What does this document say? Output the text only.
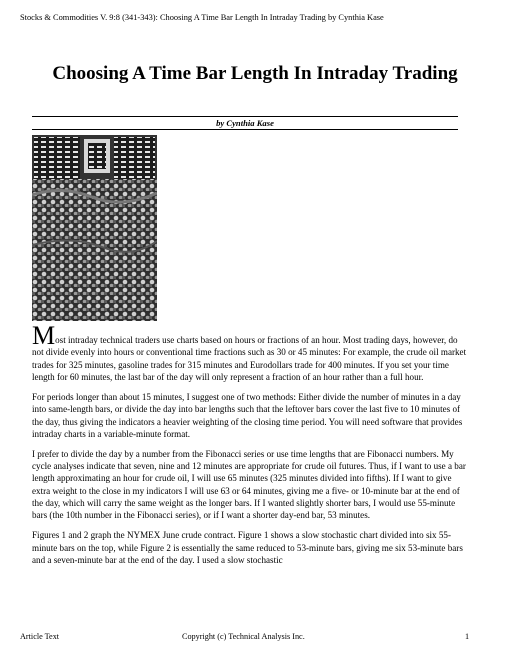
Stocks & Commodities V. 9:8 (341-343): Choosing A Time Bar Length In Intraday Trading by Cynthia Kase
Choosing A Time Bar Length In Intraday Trading
by Cynthia Kase

Most intraday technical traders use charts based on hours or fractions of an hour. Most trading days, however, do not divide evenly into hours or conventional time fractions such as 30 or 45 minutes: For example, the crude oil market trades for 325 minutes, gasoline trades for 315 minutes and Eurodollars trade for 400 minutes. If you set your time length for 60 minutes, the last bar of the day will only represent a fraction of an hour rather than a full hour.

For periods longer than about 15 minutes, I suggest one of two methods: Either divide the number of minutes in a day into same-length bars, or divide the day into bar lengths such that the leftover bars cover the last five to 10 minutes of the day, thus giving the indicators a heavier weighting of the closing time period. You will need software that provides intraday charts in a variable-minute format.

I prefer to divide the day by a number from the Fibonacci series or use time lengths that are Fibonacci numbers. My cycle analyses indicate that seven, nine and 12 minutes are appropriate for crude oil futures. Thus, if I want to use a bar length approximating an hour for crude oil, I will use 65 minutes (325 minutes divided into fifths). If I want to give extra weight to the close in my indicators I will use 63 or 64 minutes, giving me a five- or 10-minute bar at the end of the day, which will carry the same weight as the longer bars. If I wanted slightly shorter bars, I would use 55-minute bars (the 10th number in the Fibonacci series), or if I want a shorter day-end bar, 53 minutes.

Figures 1 and 2 graph the NYMEX June crude contract. Figure 1 shows a slow stochastic chart divided into six 55-minute bars on the top, while Figure 2 is essentially the same reduced to 53-minute bars, giving me six 53-minute bars and a seven-minute bar at the end of the day. I used a slow stochastic

Article Text	Copyright (c) Technical Analysis Inc.	1
